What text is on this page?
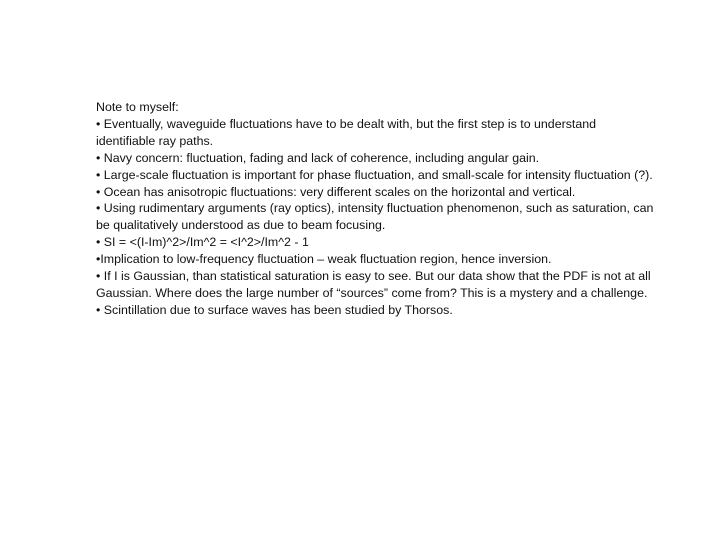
Note to myself:

• Eventually, waveguide fluctuations have to be dealt with, but the first step is to understand identifiable ray paths.

• Navy concern: fluctuation, fading and lack of coherence, including angular gain.

• Large-scale fluctuation is important for phase fluctuation, and small-scale for intensity fluctuation (?).

• Ocean has anisotropic fluctuations: very different scales on the horizontal and vertical.

• Using rudimentary arguments (ray optics), intensity fluctuation phenomenon, such as saturation, can be qualitatively understood as due to beam focusing.

• SI = <(I-Im)^2>/Im^2 = <I^2>/Im^2 - 1

•Implication to low-frequency fluctuation – weak fluctuation region, hence inversion.

• If I is Gaussian, than statistical saturation is easy to see. But our data show that the PDF is not at all Gaussian. Where does the large number of “sources” come from? This is a mystery and a challenge.

• Scintillation due to surface waves has been studied by Thorsos.
